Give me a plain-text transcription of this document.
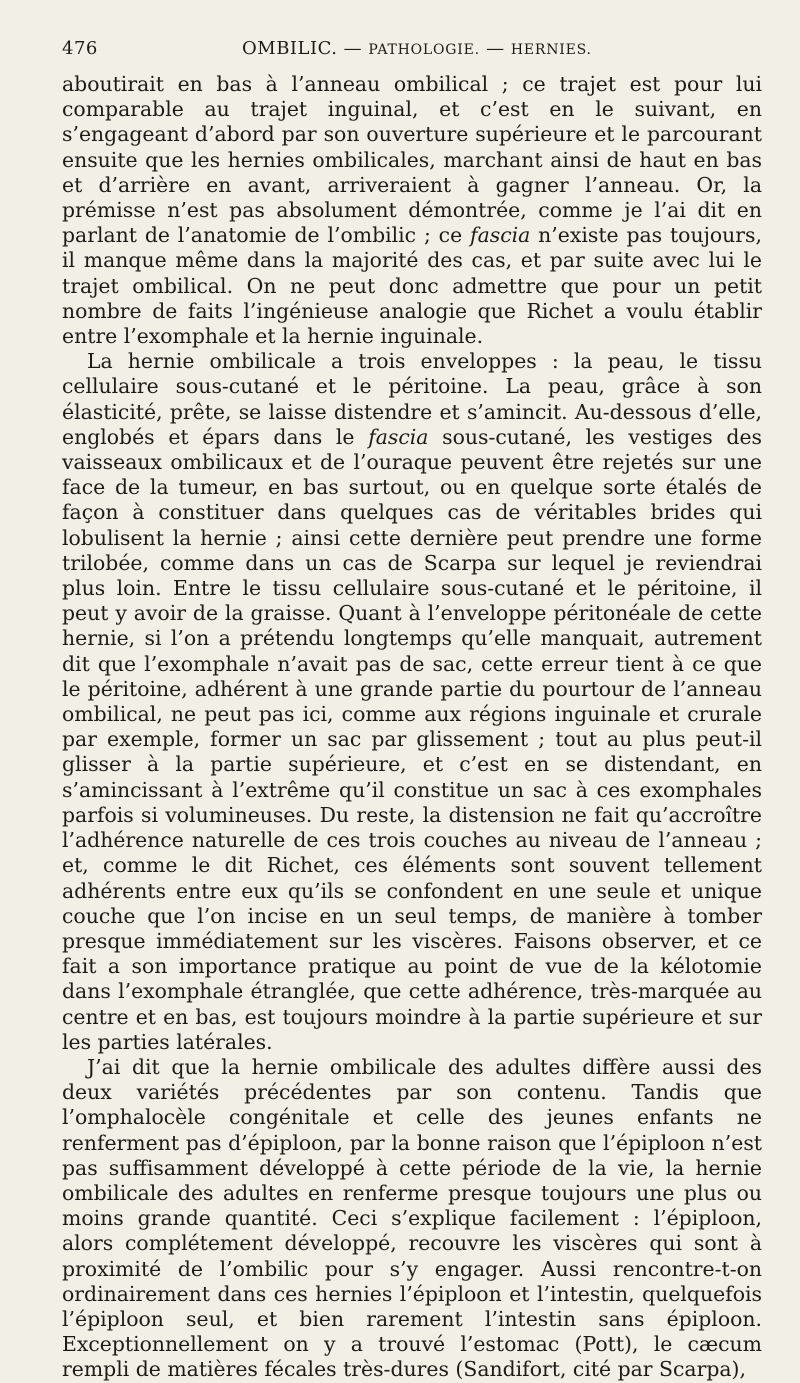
476	OMBILIC. — PATHOLOGIE. — HERNIES.

aboutirait en bas à l’anneau ombilical ; ce trajet est pour lui comparable au trajet inguinal, et c’est en le suivant, en s’engageant d’abord par son ouverture supérieure et le parcourant ensuite que les hernies ombilicales, marchant ainsi de haut en bas et d’arrière en avant, arriveraient à gagner l’anneau. Or, la prémisse n’est pas absolument démontrée, comme je l’ai dit en parlant de l’anatomie de l’ombilic ; ce fascia n’existe pas toujours, il manque même dans la majorité des cas, et par suite avec lui le trajet ombilical. On ne peut donc admettre que pour un petit nombre de faits l’ingénieuse analogie que Richet a voulu établir entre l’exomphale et la hernie inguinale.

La hernie ombilicale a trois enveloppes : la peau, le tissu cellulaire sous-cutané et le péritoine. La peau, grâce à son élasticité, prête, se laisse distendre et s’amincit. Au-dessous d’elle, englobés et épars dans le fascia sous-cutané, les vestiges des vaisseaux ombilicaux et de l’ouraque peuvent être rejetés sur une face de la tumeur, en bas surtout, ou en quelque sorte étalés de façon à constituer dans quelques cas de véritables brides qui lobulisent la hernie ; ainsi cette dernière peut prendre une forme trilobée, comme dans un cas de Scarpa sur lequel je reviendrai plus loin. Entre le tissu cellulaire sous-cutané et le péritoine, il peut y avoir de la graisse. Quant à l’enveloppe péritonéale de cette hernie, si l’on a prétendu longtemps qu’elle manquait, autrement dit que l’exomphale n’avait pas de sac, cette erreur tient à ce que le péritoine, adhérent à une grande partie du pourtour de l’anneau ombilical, ne peut pas ici, comme aux régions inguinale et crurale par exemple, former un sac par glissement ; tout au plus peut-il glisser à la partie supérieure, et c’est en se distendant, en s’amincissant à l’extrême qu’il constitue un sac à ces exomphales parfois si volumineuses. Du reste, la distension ne fait qu’accroître l’adhérence naturelle de ces trois couches au niveau de l’anneau ; et, comme le dit Richet, ces éléments sont souvent tellement adhérents entre eux qu’ils se confondent en une seule et unique couche que l’on incise en un seul temps, de manière à tomber presque immédiatement sur les viscères. Faisons observer, et ce fait a son importance pratique au point de vue de la kélotomie dans l’exomphale étranglée, que cette adhérence, très-marquée au centre et en bas, est toujours moindre à la partie supérieure et sur les parties latérales.

J’ai dit que la hernie ombilicale des adultes diffère aussi des deux variétés précédentes par son contenu. Tandis que l’omphalocèle congénitale et celle des jeunes enfants ne renferment pas d’épiploon, par la bonne raison que l’épiploon n’est pas suffisamment développé à cette période de la vie, la hernie ombilicale des adultes en renferme presque toujours une plus ou moins grande quantité. Ceci s’explique facilement : l’épiploon, alors complétement développé, recouvre les viscères qui sont à proximité de l’ombilic pour s’y engager. Aussi rencontre-t-on ordinairement dans ces hernies l’épiploon et l’intestin, quelquefois l’épiploon seul, et bien rarement l’intestin sans épiploon. Exceptionnellement on y a trouvé l’estomac (Pott), le cæcum rempli de matières fécales très-dures (Sandifort, cité par Scarpa),
